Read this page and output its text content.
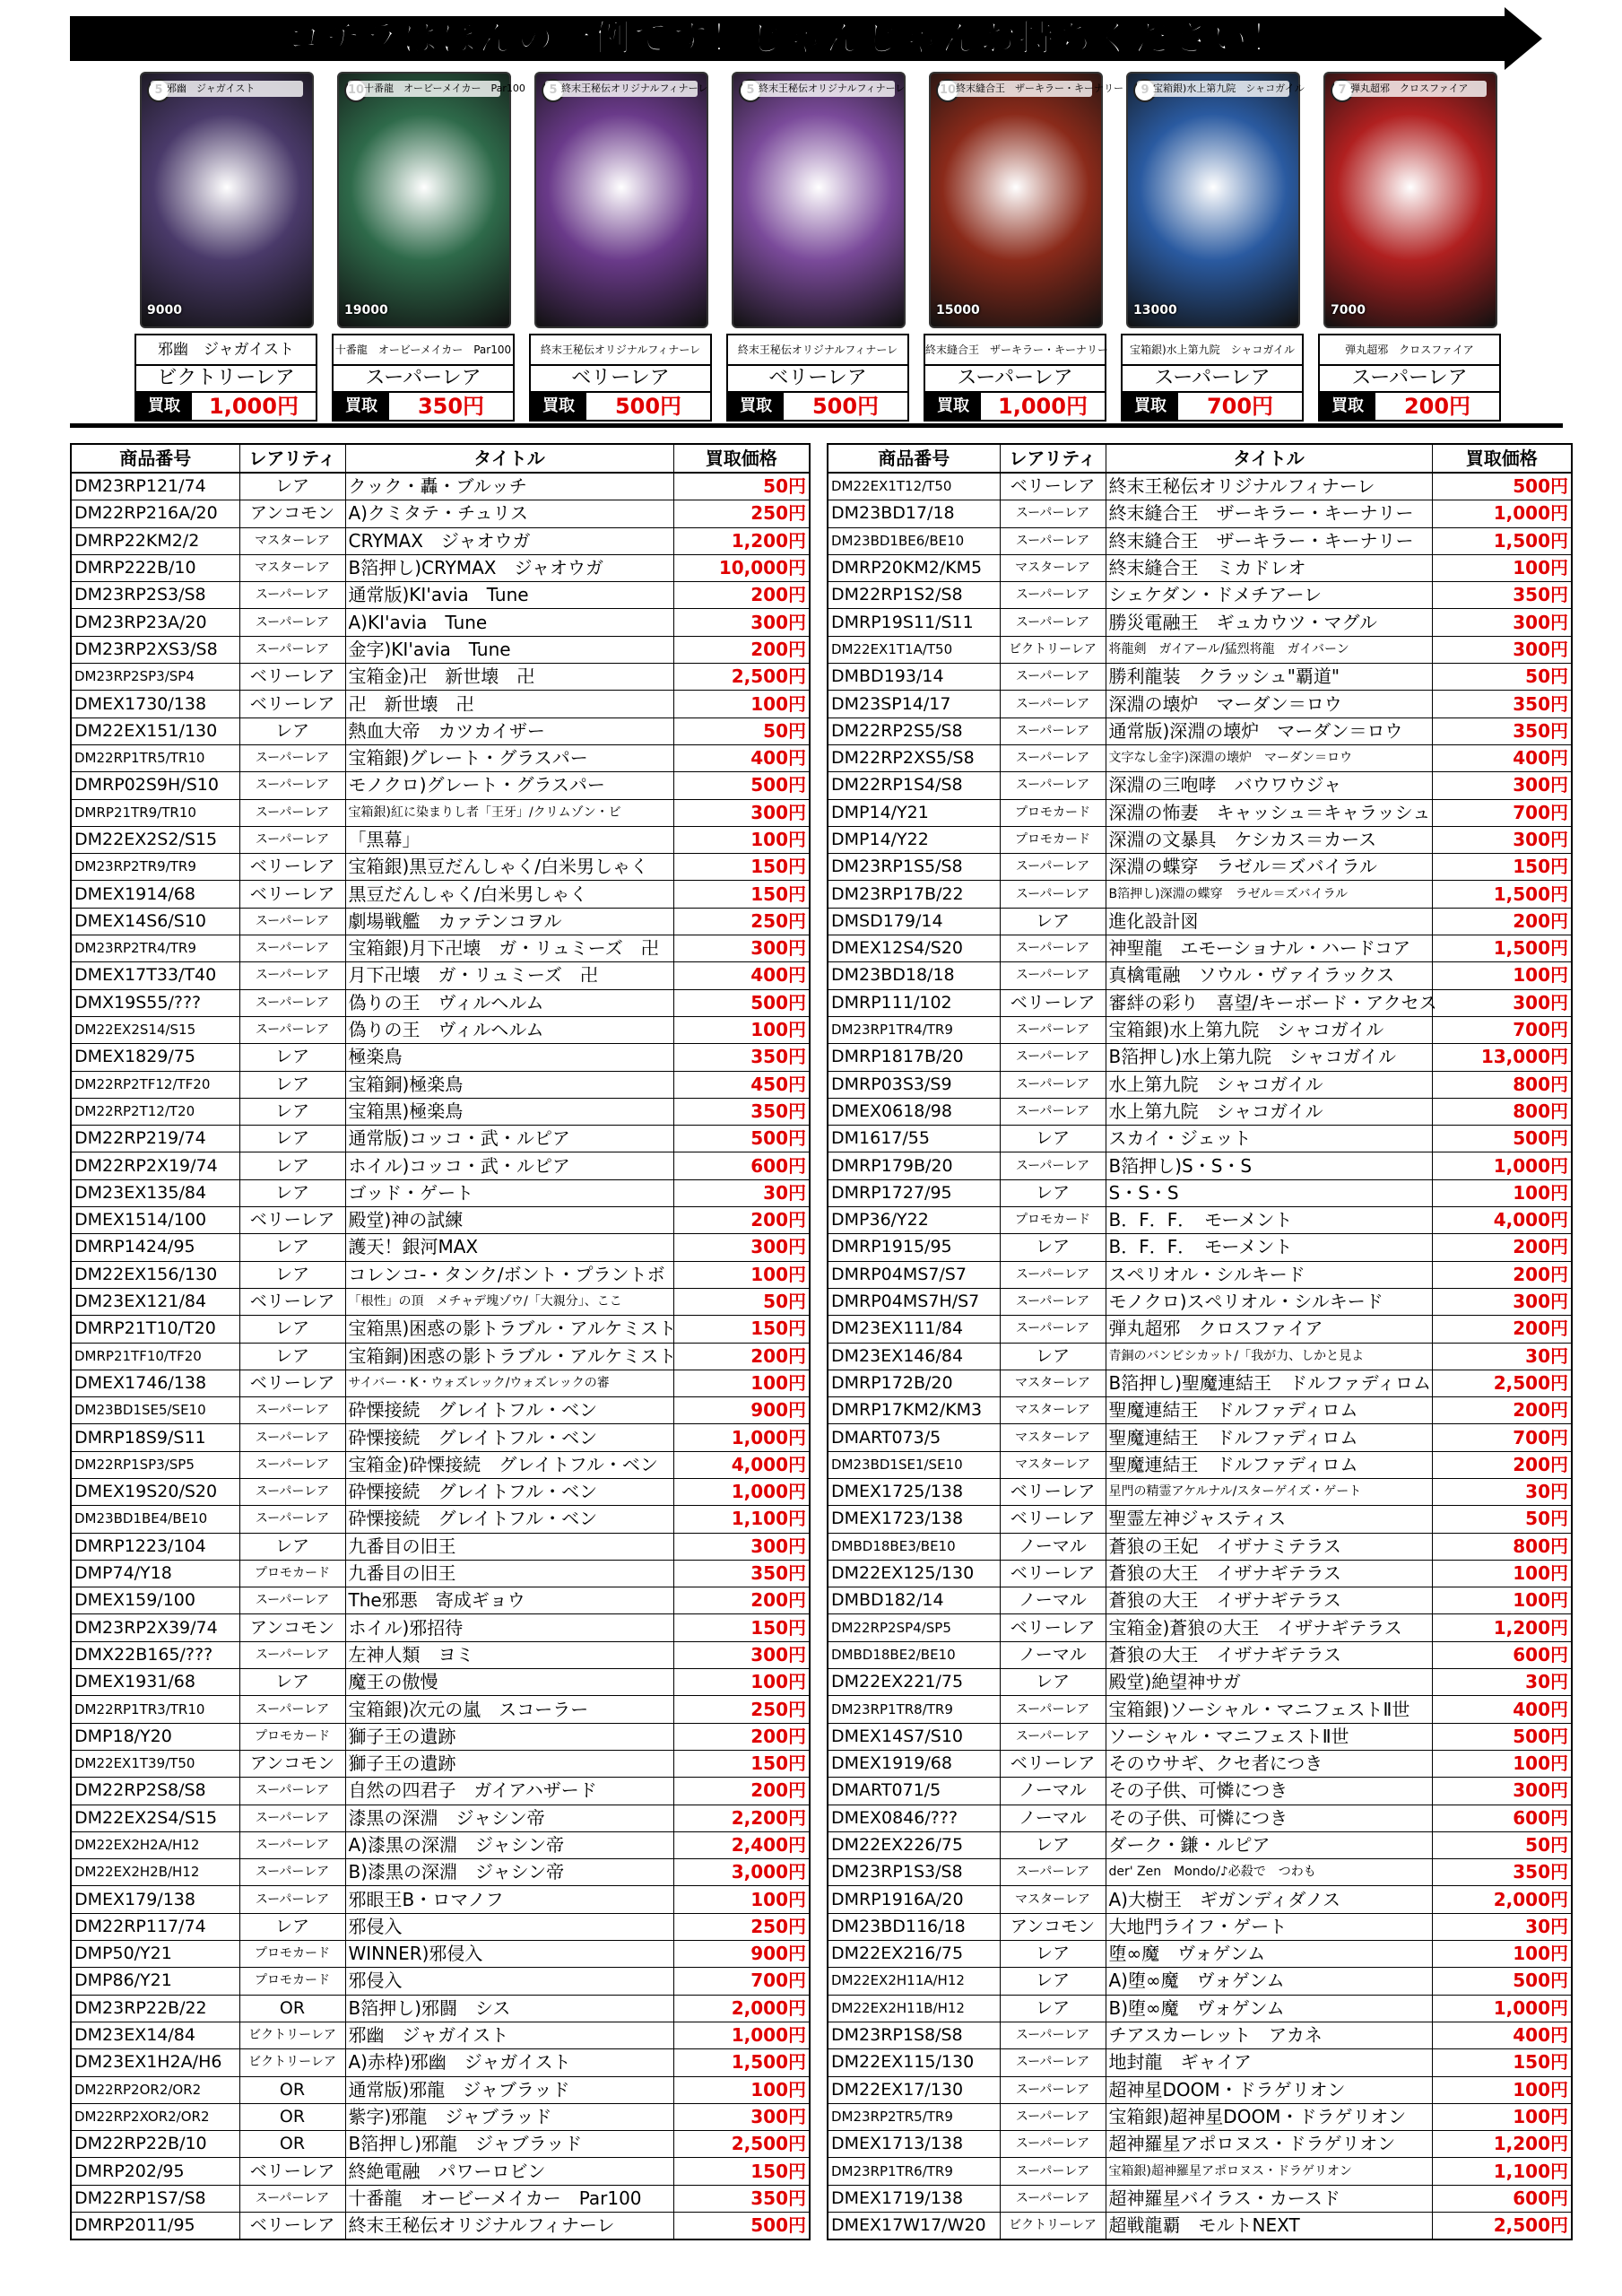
コチラはほんの一例です！じゃんじゃんお持ちください！
邪幽　ジャガイスト
9000
邪幽　ジャガイスト
ビクトリーレア
買取	1,000円
十番龍　オービーメイカー　Par100
19000
十番龍　オービーメイカー　Par100
スーパーレア
買取	350円
終末王秘伝オリジナルフィナーレ
終末王秘伝オリジナルフィナーレ
ベリーレア
買取	500円
終末王秘伝オリジナルフィナーレ
終末王秘伝オリジナルフィナーレ
ベリーレア
買取	500円
終末縫合王　ザーキラー・キーナリー
15000
終末縫合王　ザーキラー・キーナリー
スーパーレア
買取	1,000円
宝箱銀)水上第九院　シャコガイル
13000
宝箱銀)水上第九院　シャコガイル
スーパーレア
買取	700円
弾丸超邪　クロスファイア
7000
弾丸超邪　クロスファイア
スーパーレア
買取	200円
商品番号	レアリティ	タイトル	買取価格
DM23RP121/74	レア	クック・轟・ブルッチ	50円
DM22RP216A/20	アンコモン	A)クミタテ・チュリス	250円
DMRP22KM2/2	マスターレア	CRYMAX　ジャオウガ	1,200円
DMRP222B/10	マスターレア	B箔押し)CRYMAX　ジャオウガ	10,000円
DM23RP2S3/S8	スーパーレア	通常版)KI'avia　Tune	200円
DM23RP23A/20	スーパーレア	A)KI'avia　Tune	300円
DM23RP2XS3/S8	スーパーレア	金字)KI'avia　Tune	200円
DM23RP2SP3/SP4	ベリーレア	宝箱金)卍　新世壊　卍	2,500円
DMEX1730/138	ベリーレア	卍　新世壊　卍	100円
DM22EX151/130	レア	熱血大帝　カツカイザー	50円
DM22RP1TR5/TR10	スーパーレア	宝箱銀)グレート・グラスパー	400円
DMRP02S9H/S10	スーパーレア	モノクロ)グレート・グラスパー	500円
DMRP21TR9/TR10	スーパーレア	宝箱銀)紅に染まりし者「王牙」/クリムゾン・ビ	300円
DM22EX2S2/S15	スーパーレア	「黒幕」	100円
DM23RP2TR9/TR9	ベリーレア	宝箱銀)黒豆だんしゃく/白米男しゃく	150円
DMEX1914/68	ベリーレア	黒豆だんしゃく/白米男しゃく	150円
DMEX14S6/S10	スーパーレア	劇場戦艦　カァテンコヲル	250円
DM23RP2TR4/TR9	スーパーレア	宝箱銀)月下卍壊　ガ・リュミーズ　卍	300円
DMEX17T33/T40	スーパーレア	月下卍壊　ガ・リュミーズ　卍	400円
DMX19S55/???	スーパーレア	偽りの王　ヴィルヘルム	500円
DM22EX2S14/S15	スーパーレア	偽りの王　ヴィルヘルム	100円
DMEX1829/75	レア	極楽鳥	350円
DM22RP2TF12/TF20	レア	宝箱銅)極楽鳥	450円
DM22RP2T12/T20	レア	宝箱黒)極楽鳥	350円
DM22RP219/74	レア	通常版)コッコ・武・ルピア	500円
DM22RP2X19/74	レア	ホイル)コッコ・武・ルピア	600円
DM23EX135/84	レア	ゴッド・ゲート	30円
DMEX1514/100	ベリーレア	殿堂)神の試練	200円
DMRP1424/95	レア	護天！銀河MAX	300円
DM22EX156/130	レア	コレンコ-・タンク/ボント・プラントボ	100円
DM23EX121/84	ベリーレア	「根性」の頂　メチャデ塊ゾウ/「大親分」、ここ	50円
DMRP21T10/T20	レア	宝箱黒)困惑の影トラブル・アルケミスト	150円
DMRP21TF10/TF20	レア	宝箱銅)困惑の影トラブル・アルケミスト	200円
DMEX1746/138	ベリーレア	サイバー・K・ウォズレック/ウォズレックの審	100円
DM23BD1SE5/SE10	スーパーレア	砕慄接続　グレイトフル・ベン	900円
DMRP18S9/S11	スーパーレア	砕慄接続　グレイトフル・ベン	1,000円
DM22RP1SP3/SP5	スーパーレア	宝箱金)砕慄接続　グレイトフル・ベン	4,000円
DMEX19S20/S20	スーパーレア	砕慄接続　グレイトフル・ベン	1,000円
DM23BD1BE4/BE10	スーパーレア	砕慄接続　グレイトフル・ベン	1,100円
DMRP1223/104	レア	九番目の旧王	300円
DMP74/Y18	プロモカード	九番目の旧王	350円
DMEX159/100	スーパーレア	The邪悪　寄成ギョウ	200円
DM23RP2X39/74	アンコモン	ホイル)邪招待	150円
DMX22B165/???	スーパーレア	左神人類　ヨミ	300円
DMEX1931/68	レア	魔王の傲慢	100円
DM22RP1TR3/TR10	スーパーレア	宝箱銀)次元の嵐　スコーラー	250円
DMP18/Y20	プロモカード	獅子王の遺跡	200円
DM22EX1T39/T50	アンコモン	獅子王の遺跡	150円
DM22RP2S8/S8	スーパーレア	自然の四君子　ガイアハザード	200円
DM22EX2S4/S15	スーパーレア	漆黒の深淵　ジャシン帝	2,200円
DM22EX2H2A/H12	スーパーレア	A)漆黒の深淵　ジャシン帝	2,400円
DM22EX2H2B/H12	スーパーレア	B)漆黒の深淵　ジャシン帝	3,000円
DMEX179/138	スーパーレア	邪眼王B・ロマノフ	100円
DM22RP117/74	レア	邪侵入	250円
DMP50/Y21	プロモカード	WINNER)邪侵入	900円
DMP86/Y21	プロモカード	邪侵入	700円
DM23RP22B/22	OR	B箔押し)邪闘　シス	2,000円
DM23EX14/84	ビクトリーレア	邪幽　ジャガイスト	1,000円
DM23EX1H2A/H6	ビクトリーレア	A)赤枠)邪幽　ジャガイスト	1,500円
DM22RP2OR2/OR2	OR	通常版)邪龍　ジャブラッド	100円
DM22RP2XOR2/OR2	OR	紫字)邪龍　ジャブラッド	300円
DM22RP22B/10	OR	B箔押し)邪龍　ジャブラッド	2,500円
DMRP202/95	ベリーレア	終絶電融　パワーロビン	150円
DM22RP1S7/S8	スーパーレア	十番龍　オービーメイカー　Par100	350円
DMRP2011/95	ベリーレア	終末王秘伝オリジナルフィナーレ	500円
商品番号	レアリティ	タイトル	買取価格
DM22EX1T12/T50	ベリーレア	終末王秘伝オリジナルフィナーレ	500円
DM23BD17/18	スーパーレア	終末縫合王　ザーキラー・キーナリー	1,000円
DM23BD1BE6/BE10	スーパーレア	終末縫合王　ザーキラー・キーナリー	1,500円
DMRP20KM2/KM5	マスターレア	終末縫合王　ミカドレオ	100円
DM22RP1S2/S8	スーパーレア	シェケダン・ドメチアーレ	350円
DMRP19S11/S11	スーパーレア	勝災電融王　ギュカウツ・マグル	300円
DM22EX1T1A/T50	ビクトリーレア	将龍剣　ガイアール/猛烈将龍　ガイバーン	300円
DMBD193/14	スーパーレア	勝利龍装　クラッシュ"覇道"	50円
DM23SP14/17	スーパーレア	深淵の壊炉　マーダン＝ロウ	350円
DM22RP2S5/S8	スーパーレア	通常版)深淵の壊炉　マーダン＝ロウ	350円
DM22RP2XS5/S8	スーパーレア	文字なし金字)深淵の壊炉　マーダン＝ロウ	400円
DM22RP1S4/S8	スーパーレア	深淵の三咆哮　バウワウジャ	300円
DMP14/Y21	プロモカード	深淵の怖妻　キャッシュ＝キャラッシュ	700円
DMP14/Y22	プロモカード	深淵の文暴具　ケシカス＝カース	300円
DM23RP1S5/S8	スーパーレア	深淵の蝶穿　ラゼル＝ズバイラル	150円
DM23RP17B/22	スーパーレア	B箔押し)深淵の蝶穿　ラゼル＝ズバイラル	1,500円
DMSD179/14	レア	進化設計図	200円
DMEX12S4/S20	スーパーレア	神聖龍　エモーショナル・ハードコア	1,500円
DM23BD18/18	スーパーレア	真檎電融　ソウル・ヴァイラックス	100円
DMRP111/102	ベリーレア	審絆の彩り　喜望/キーボード・アクセス	300円
DM23RP1TR4/TR9	スーパーレア	宝箱銀)水上第九院　シャコガイル	700円
DMRP1817B/20	スーパーレア	B箔押し)水上第九院　シャコガイル	13,000円
DMRP03S3/S9	スーパーレア	水上第九院　シャコガイル	800円
DMEX0618/98	スーパーレア	水上第九院　シャコガイル	800円
DM1617/55	レア	スカイ・ジェット	500円
DMRP179B/20	スーパーレア	B箔押し)S・S・S	1,000円
DMRP1727/95	レア	S・S・S	100円
DMP36/Y22	プロモカード	B．F．F．　モーメント	4,000円
DMRP1915/95	レア	B．F．F．　モーメント	200円
DMRP04MS7/S7	スーパーレア	スペリオル・シルキード	200円
DMRP04MS7H/S7	スーパーレア	モノクロ)スペリオル・シルキード	300円
DM23EX111/84	スーパーレア	弾丸超邪　クロスファイア	200円
DM23EX146/84	レア	青銅のバンビシカット/「我が力、しかと見よ	30円
DMRP172B/20	マスターレア	B箔押し)聖魔連結王　ドルファディロム	2,500円
DMRP17KM2/KM3	マスターレア	聖魔連結王　ドルファディロム	200円
DMART073/5	マスターレア	聖魔連結王　ドルファディロム	700円
DM23BD1SE1/SE10	マスターレア	聖魔連結王　ドルファディロム	200円
DMEX1725/138	ベリーレア	星門の精霊アケルナル/スターゲイズ・ゲート	30円
DMEX1723/138	ベリーレア	聖霊左神ジャスティス	50円
DMBD18BE3/BE10	ノーマル	蒼狼の王妃　イザナミテラス	800円
DM22EX125/130	ベリーレア	蒼狼の大王　イザナギテラス	100円
DMBD182/14	ノーマル	蒼狼の大王　イザナギテラス	100円
DM22RP2SP4/SP5	ベリーレア	宝箱金)蒼狼の大王　イザナギテラス	1,200円
DMBD18BE2/BE10	ノーマル	蒼狼の大王　イザナギテラス	600円
DM22EX221/75	レア	殿堂)絶望神サガ	30円
DM23RP1TR8/TR9	スーパーレア	宝箱銀)ソーシャル・マニフェストⅡ世	400円
DMEX14S7/S10	スーパーレア	ソーシャル・マニフェストⅡ世	500円
DMEX1919/68	ベリーレア	そのウサギ、クセ者につき	100円
DMART071/5	ノーマル	その子供、可憐につき	300円
DMEX0846/???	ノーマル	その子供、可憐につき	600円
DM22EX226/75	レア	ダーク・鎌・ルピア	50円
DM23RP1S3/S8	スーパーレア	der' Zen　Mondo/♪必殺で　つわも	350円
DMRP1916A/20	マスターレア	A)大樹王　ギガンディダノス	2,000円
DM23BD116/18	アンコモン	大地門ライフ・ゲート	30円
DM22EX216/75	レア	堕∞魔　ヴォゲンム	100円
DM22EX2H11A/H12	レア	A)堕∞魔　ヴォゲンム	500円
DM22EX2H11B/H12	レア	B)堕∞魔　ヴォゲンム	1,000円
DM23RP1S8/S8	スーパーレア	チアスカーレット　アカネ	400円
DM22EX115/130	スーパーレア	地封龍　ギャイア	150円
DM22EX17/130	スーパーレア	超神星DOOM・ドラゲリオン	100円
DM23RP2TR5/TR9	スーパーレア	宝箱銀)超神星DOOM・ドラゲリオン	100円
DMEX1713/138	スーパーレア	超神羅星アポロヌス・ドラゲリオン	1,200円
DM23RP1TR6/TR9	スーパーレア	宝箱銀)超神羅星アポロヌス・ドラゲリオン	1,100円
DMEX1719/138	スーパーレア	超神羅星バイラス・カースド	600円
DMEX17W17/W20	ビクトリーレア	超戦龍覇　モルトNEXT	2,500円
